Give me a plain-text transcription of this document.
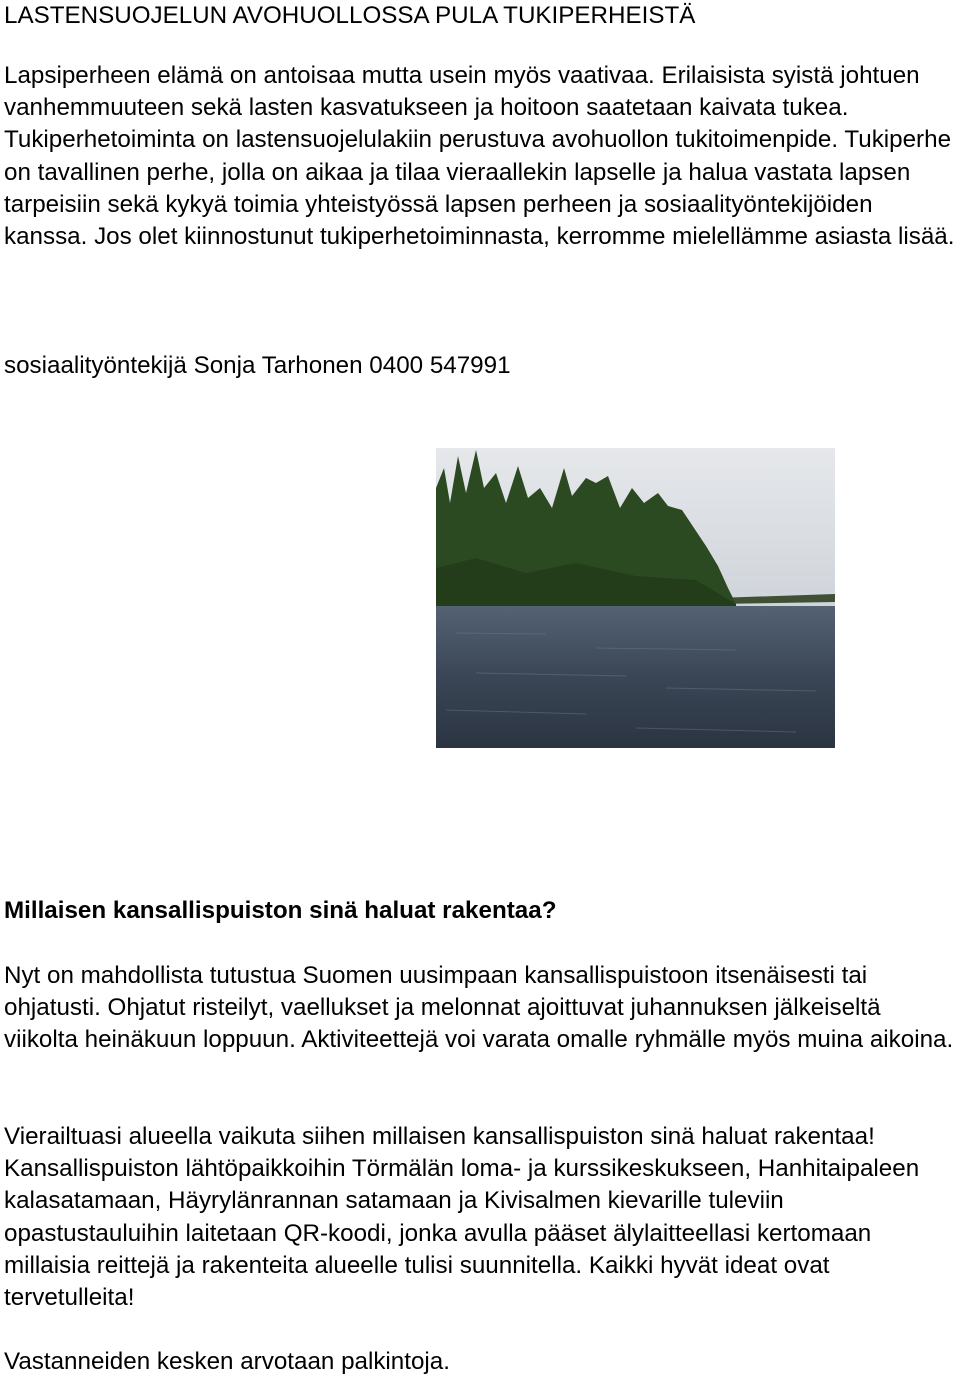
LASTENSUOJELUN AVOHUOLLOSSA PULA TUKIPERHEISTÄ
Lapsiperheen elämä on antoisaa mutta usein myös vaativaa. Erilaisista syistä johtuen vanhemmuuteen sekä lasten kasvatukseen ja hoitoon saatetaan kaivata tukea. Tukiperhetoiminta on lastensuojelulakiin perustuva avohuollon tukitoimenpide. Tukiperhe on tavallinen perhe, jolla on aikaa ja tilaa vieraallekin lapselle ja halua vastata lapsen tarpeisiin sekä kykyä toimia yhteistyössä lapsen perheen ja sosiaalityöntekijöiden kanssa. Jos olet kiinnostunut tukiperhetoiminnasta, kerromme mielellämme asiasta lisää.
sosiaalityöntekijä Sonja Tarhonen 0400 547991
Millaisen kansallispuiston sinä haluat rakentaa?
Nyt on mahdollista tutustua Suomen uusimpaan kansallispuistoon itsenäisesti tai ohjatusti. Ohjatut risteilyt, vaellukset ja melonnat ajoittuvat juhannuksen jälkeiseltä viikolta heinäkuun loppuun. Aktiviteettejä voi varata omalle ryhmälle myös muina aikoina.
Vierailtuasi alueella vaikuta siihen millaisen kansallispuiston sinä haluat rakentaa! Kansallispuiston lähtöpaikkoihin Törmälän loma- ja kurssikeskukseen, Hanhitaipaleen kalasatamaan, Häyrylänrannan satamaan ja Kivisalmen kievarille tuleviin opastustauluihin laitetaan QR-koodi, jonka avulla pääset älylaitteellasi kertomaan millaisia reittejä ja rakenteita alueelle tulisi suunnitella. Kaikki hyvät ideat ovat tervetulleita!
Vastanneiden kesken arvotaan palkintoja.
